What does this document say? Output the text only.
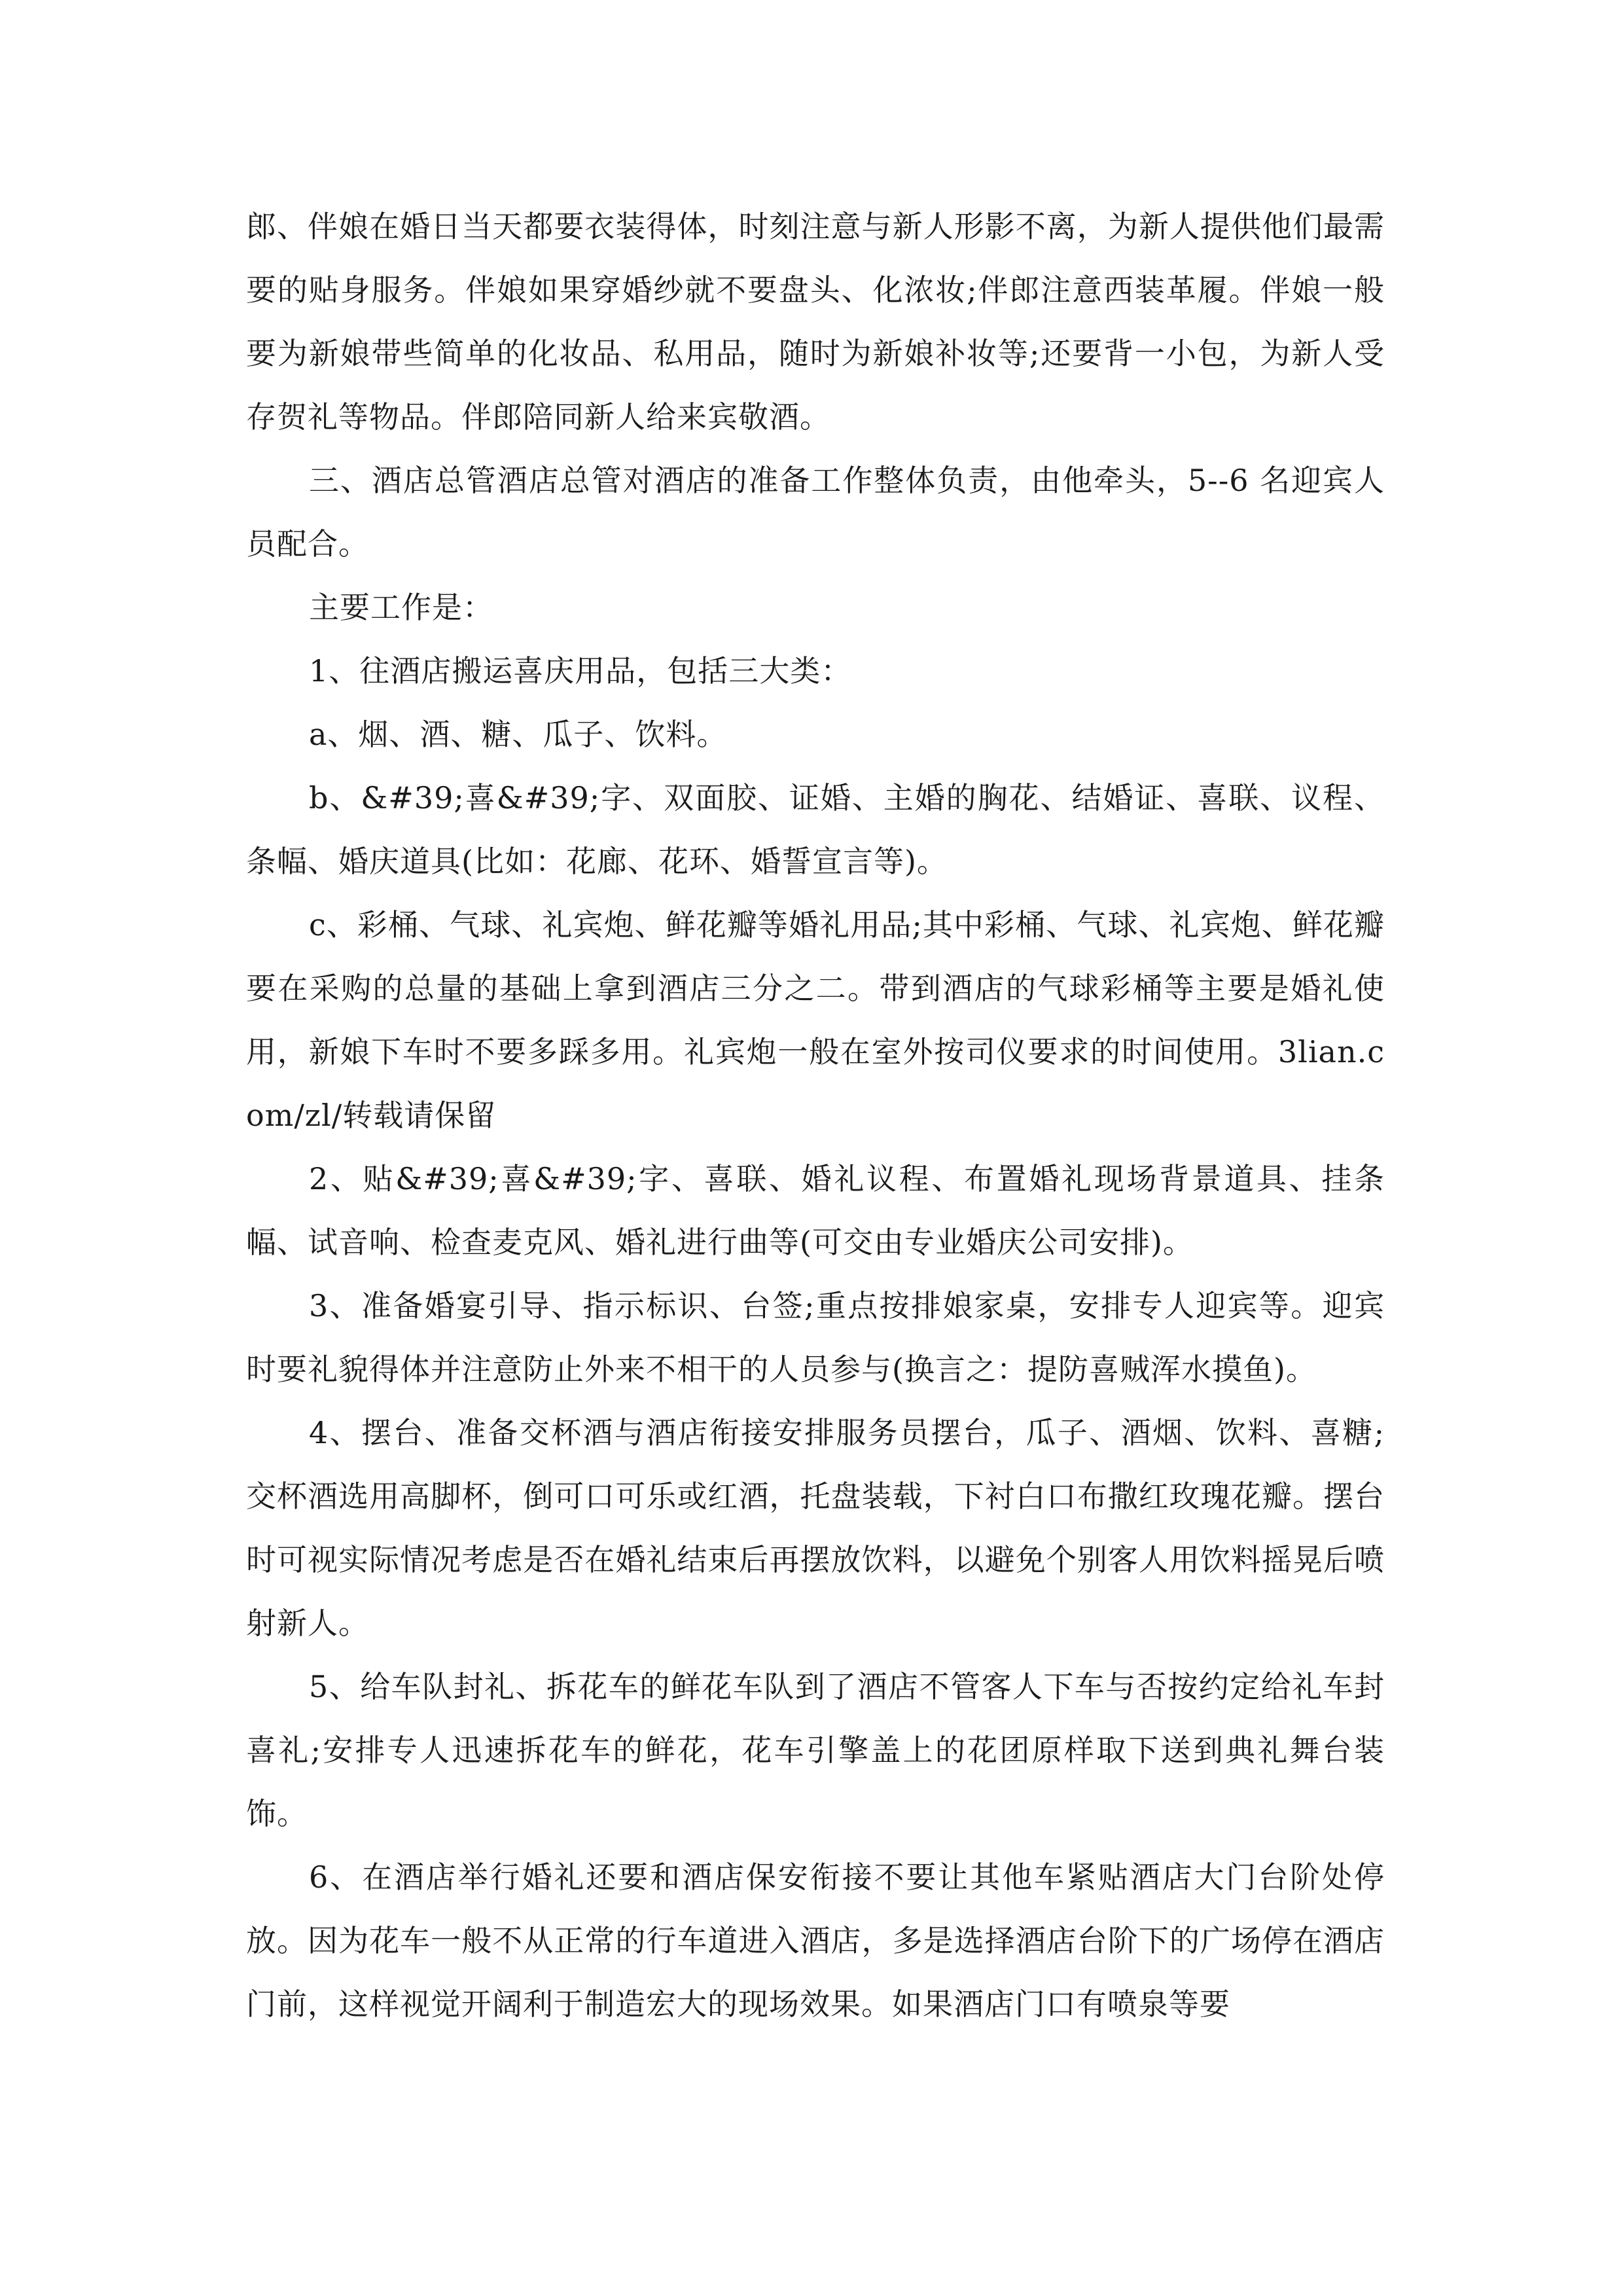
郎、伴娘在婚日当天都要衣装得体，时刻注意与新人形影不离，为新人提供他们最需要的贴身服务。伴娘如果穿婚纱就不要盘头、化浓妆;伴郎注意西装革履。伴娘一般要为新娘带些简单的化妆品、私用品，随时为新娘补妆等;还要背一小包，为新人受存贺礼等物品。伴郎陪同新人给来宾敬酒。

三、酒店总管酒店总管对酒店的准备工作整体负责，由他牵头，5--6 名迎宾人员配合。

主要工作是：

1、往酒店搬运喜庆用品，包括三大类：

a、烟、酒、糖、瓜子、饮料。

b、&#39;喜&#39;字、双面胶、证婚、主婚的胸花、结婚证、喜联、议程、条幅、婚庆道具(比如：花廊、花环、婚誓宣言等)。

c、彩桶、气球、礼宾炮、鲜花瓣等婚礼用品;其中彩桶、气球、礼宾炮、鲜花瓣要在采购的总量的基础上拿到酒店三分之二。带到酒店的气球彩桶等主要是婚礼使用，新娘下车时不要多踩多用。礼宾炮一般在室外按司仪要求的时间使用。3lian.com/zl/转载请保留

2、贴&#39;喜&#39;字、喜联、婚礼议程、布置婚礼现场背景道具、挂条幅、试音响、检查麦克风、婚礼进行曲等(可交由专业婚庆公司安排)。

3、准备婚宴引导、指示标识、台签;重点按排娘家桌，安排专人迎宾等。迎宾时要礼貌得体并注意防止外来不相干的人员参与(换言之：提防喜贼浑水摸鱼)。

4、摆台、准备交杯酒与酒店衔接安排服务员摆台，瓜子、酒烟、饮料、喜糖;交杯酒选用高脚杯，倒可口可乐或红酒，托盘装载，下衬白口布撒红玫瑰花瓣。摆台时可视实际情况考虑是否在婚礼结束后再摆放饮料，以避免个别客人用饮料摇晃后喷射新人。

5、给车队封礼、拆花车的鲜花车队到了酒店不管客人下车与否按约定给礼车封喜礼;安排专人迅速拆花车的鲜花，花车引擎盖上的花团原样取下送到典礼舞台装饰。

6、在酒店举行婚礼还要和酒店保安衔接不要让其他车紧贴酒店大门台阶处停放。因为花车一般不从正常的行车道进入酒店，多是选择酒店台阶下的广场停在酒店门前，这样视觉开阔利于制造宏大的现场效果。如果酒店门口有喷泉等要
